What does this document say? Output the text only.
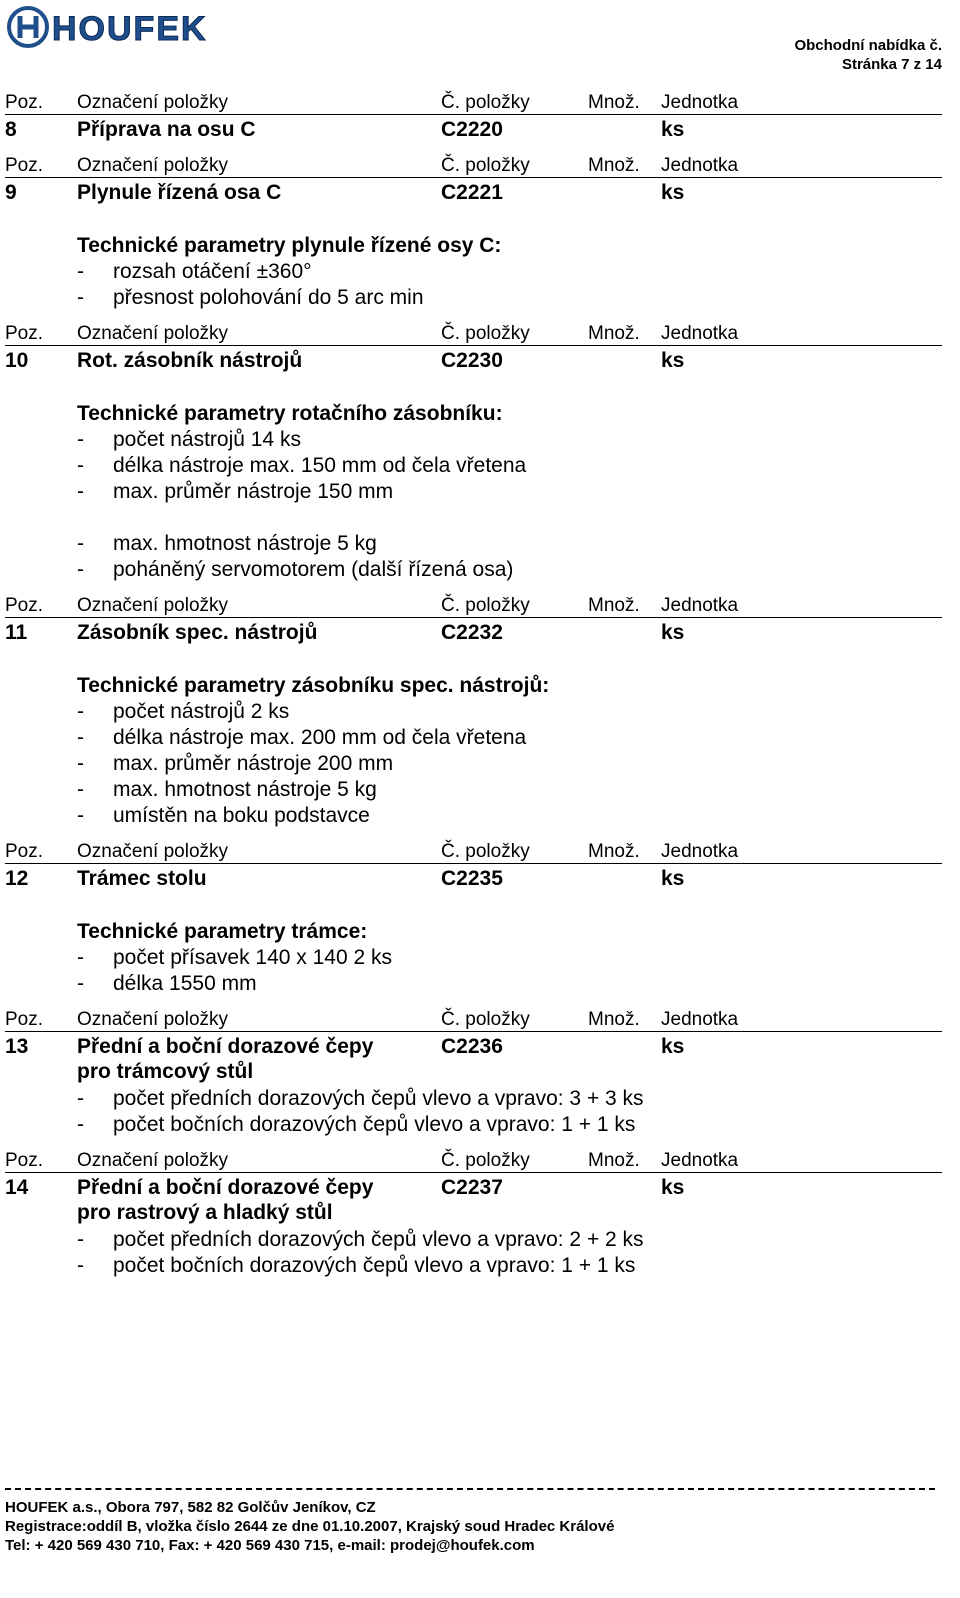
HOUFEK	Obchodní nabídka č.
Stránka 7 z 14
Poz. Označení položky	Č. položky	Množ. Jednotka
8	Příprava na osu C	C2220	ks
Poz. Označení položky	Č. položky	Množ. Jednotka
9	Plynule řízená osa C	C2221	ks
Technické parametry plynule řízené osy C:
- rozsah otáčení ±360°
- přesnost polohování do 5 arc min
Poz. Označení položky	Č. položky	Množ. Jednotka
10 Rot. zásobník nástrojů	C2230	ks
Technické parametry rotačního zásobníku:
- počet nástrojů 14 ks
- délka nástroje max. 150 mm od čela vřetena
- max. průměr nástroje 150 mm
- max. hmotnost nástroje 5 kg
- poháněný servomotorem (další řízená osa)
Poz. Označení položky	Č. položky	Množ. Jednotka
11 Zásobník spec. nástrojů	C2232	ks
Technické parametry zásobníku spec. nástrojů:
- počet nástrojů 2 ks
- délka nástroje max. 200 mm od čela vřetena
- max. průměr nástroje 200 mm
- max. hmotnost nástroje 5 kg
- umístěn na boku podstavce
Poz. Označení položky	Č. položky	Množ. Jednotka
12 Trámec stolu	C2235	ks
Technické parametry trámce:
- počet přísavek 140 x 140 2 ks
- délka 1550 mm
Poz. Označení položky	Č. položky	Množ. Jednotka
13 Přední a boční dorazové čepy	C2236	ks
pro trámcový stůl
- počet předních dorazových čepů vlevo a vpravo: 3 + 3 ks
- počet bočních dorazových čepů vlevo a vpravo: 1 + 1 ks
Poz. Označení položky	Č. položky	Množ. Jednotka
14 Přední a boční dorazové čepy	C2237	ks
pro rastrový a hladký stůl
- počet předních dorazových čepů vlevo a vpravo: 2 + 2 ks
- počet bočních dorazových čepů vlevo a vpravo: 1 + 1 ks
HOUFEK a.s., Obora 797, 582 82 Golčův Jeníkov, CZ
Registrace:oddíl B, vložka číslo 2644 ze dne 01.10.2007, Krajský soud Hradec Králové
Tel: + 420 569 430 710, Fax: + 420 569 430 715, e-mail: prodej@houfek.com
